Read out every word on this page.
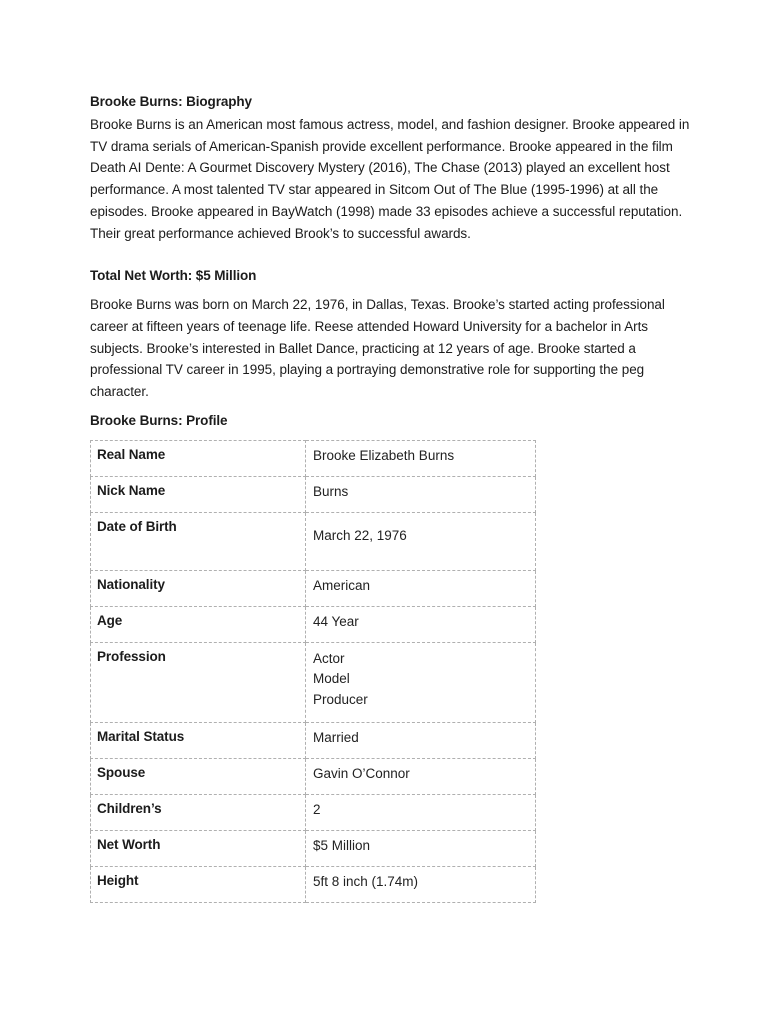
Brooke Burns: Biography

Brooke Burns is an American most famous actress, model, and fashion designer. Brooke appeared in TV drama serials of American-Spanish provide excellent performance. Brooke appeared in the film Death AI Dente: A Gourmet Discovery Mystery (2016), The Chase (2013) played an excellent host performance. A most talented TV star appeared in Sitcom Out of The Blue (1995-1996) at all the episodes. Brooke appeared in BayWatch (1998) made 33 episodes achieve a successful reputation. Their great performance achieved Brook’s to successful awards.

Total Net Worth: $5 Million

Brooke Burns was born on March 22, 1976, in Dallas, Texas. Brooke’s started acting professional career at fifteen years of teenage life. Reese attended Howard University for a bachelor in Arts subjects. Brooke’s interested in Ballet Dance, practicing at 12 years of age. Brooke started a professional TV career in 1995, playing a portraying demonstrative role for supporting the peg character.

Brooke Burns: Profile

Real Name	Brooke Elizabeth Burns
Nick Name	Burns
Date of Birth	March 22, 1976
Nationality	American
Age	44 Year
Profession	Actor
Model
Producer

Marital Status	Married
Spouse	Gavin O’Connor
Children’s	2
Net Worth	$5 Million
Height	5ft 8 inch (1.74m)
